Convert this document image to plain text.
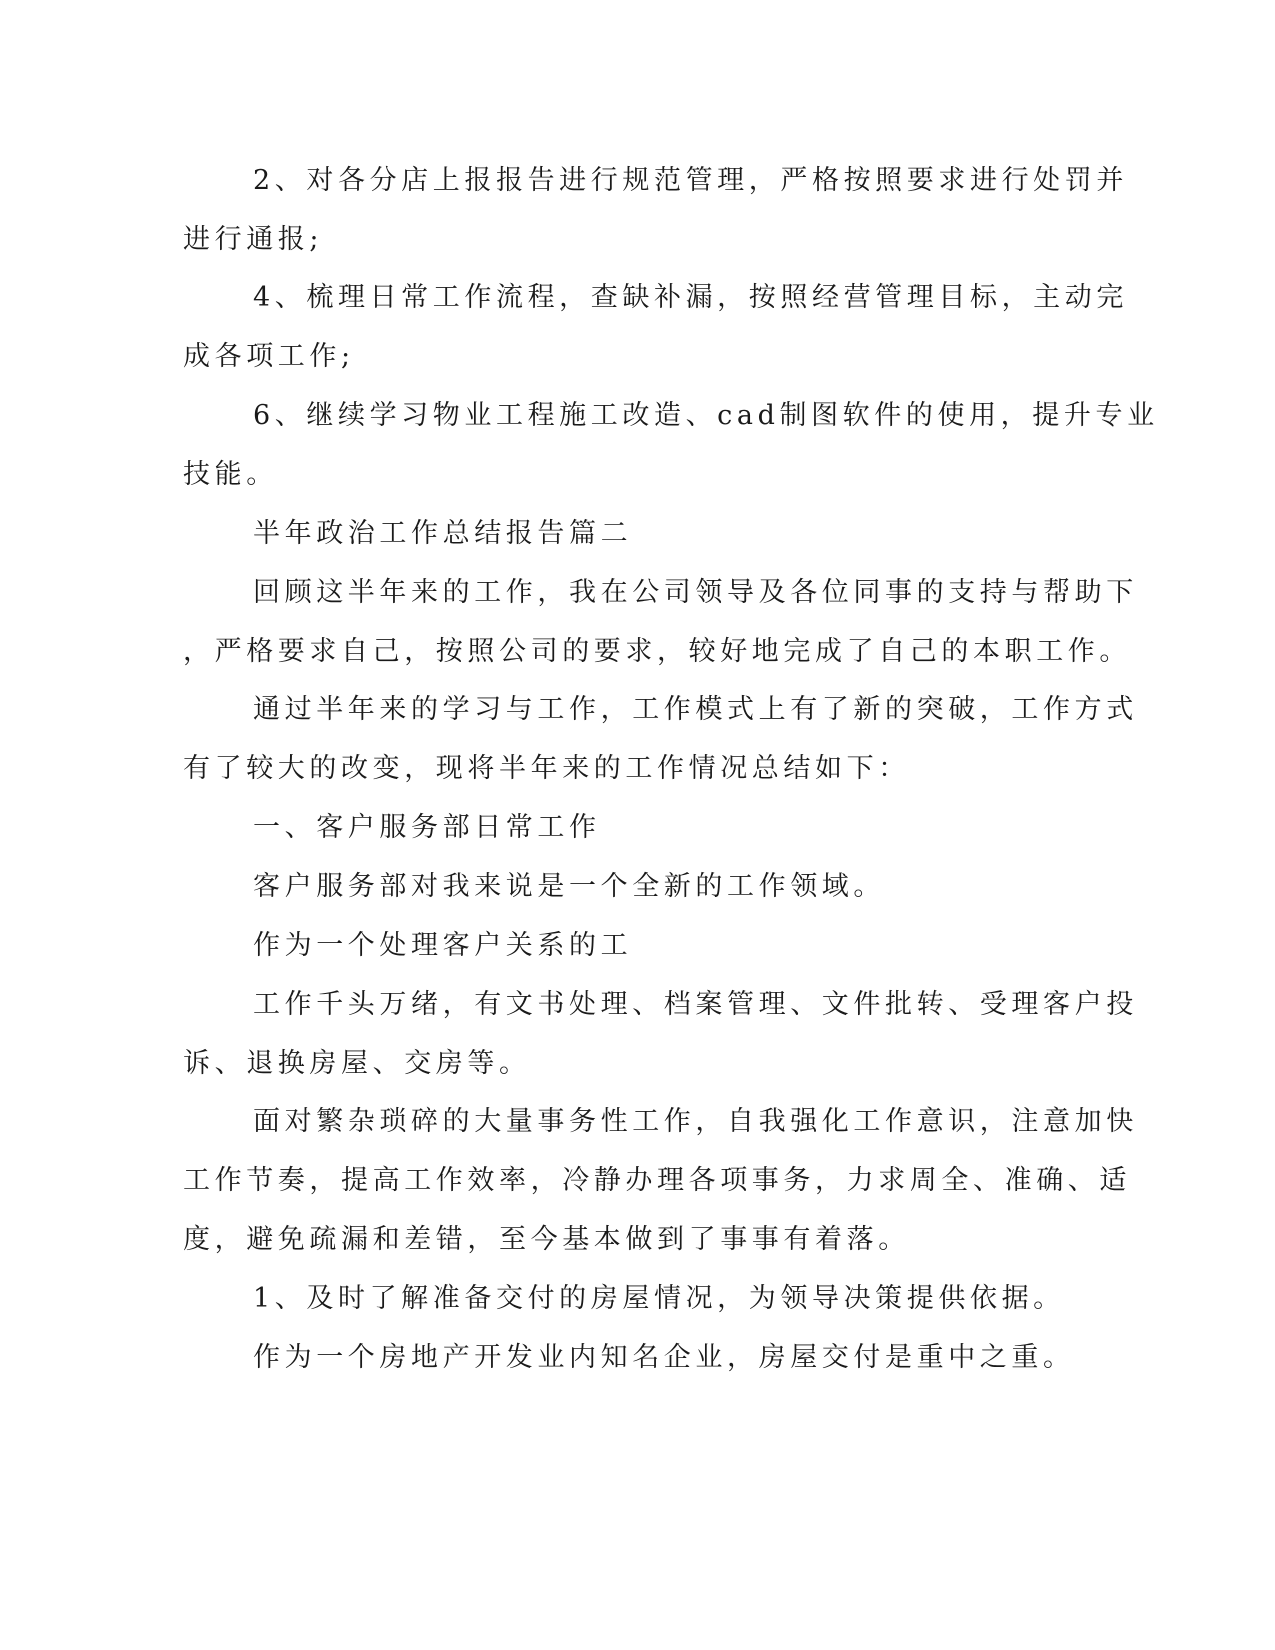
2、对各分店上报报告进行规范管理，严格按照要求进行处罚并
进行通报;
4、梳理日常工作流程，查缺补漏，按照经营管理目标，主动完
成各项工作;
6、继续学习物业工程施工改造、cad制图软件的使用，提升专业
技能。
半年政治工作总结报告篇二
回顾这半年来的工作，我在公司领导及各位同事的支持与帮助下
，严格要求自己，按照公司的要求，较好地完成了自己的本职工作。
通过半年来的学习与工作，工作模式上有了新的突破，工作方式
有了较大的改变，现将半年来的工作情况总结如下：
一、客户服务部日常工作
客户服务部对我来说是一个全新的工作领域。
作为一个处理客户关系的工
工作千头万绪，有文书处理、档案管理、文件批转、受理客户投
诉、退换房屋、交房等。
面对繁杂琐碎的大量事务性工作，自我强化工作意识，注意加快
工作节奏，提高工作效率，冷静办理各项事务，力求周全、准确、适
度，避免疏漏和差错，至今基本做到了事事有着落。
1、及时了解准备交付的房屋情况，为领导决策提供依据。
作为一个房地产开发业内知名企业，房屋交付是重中之重。
